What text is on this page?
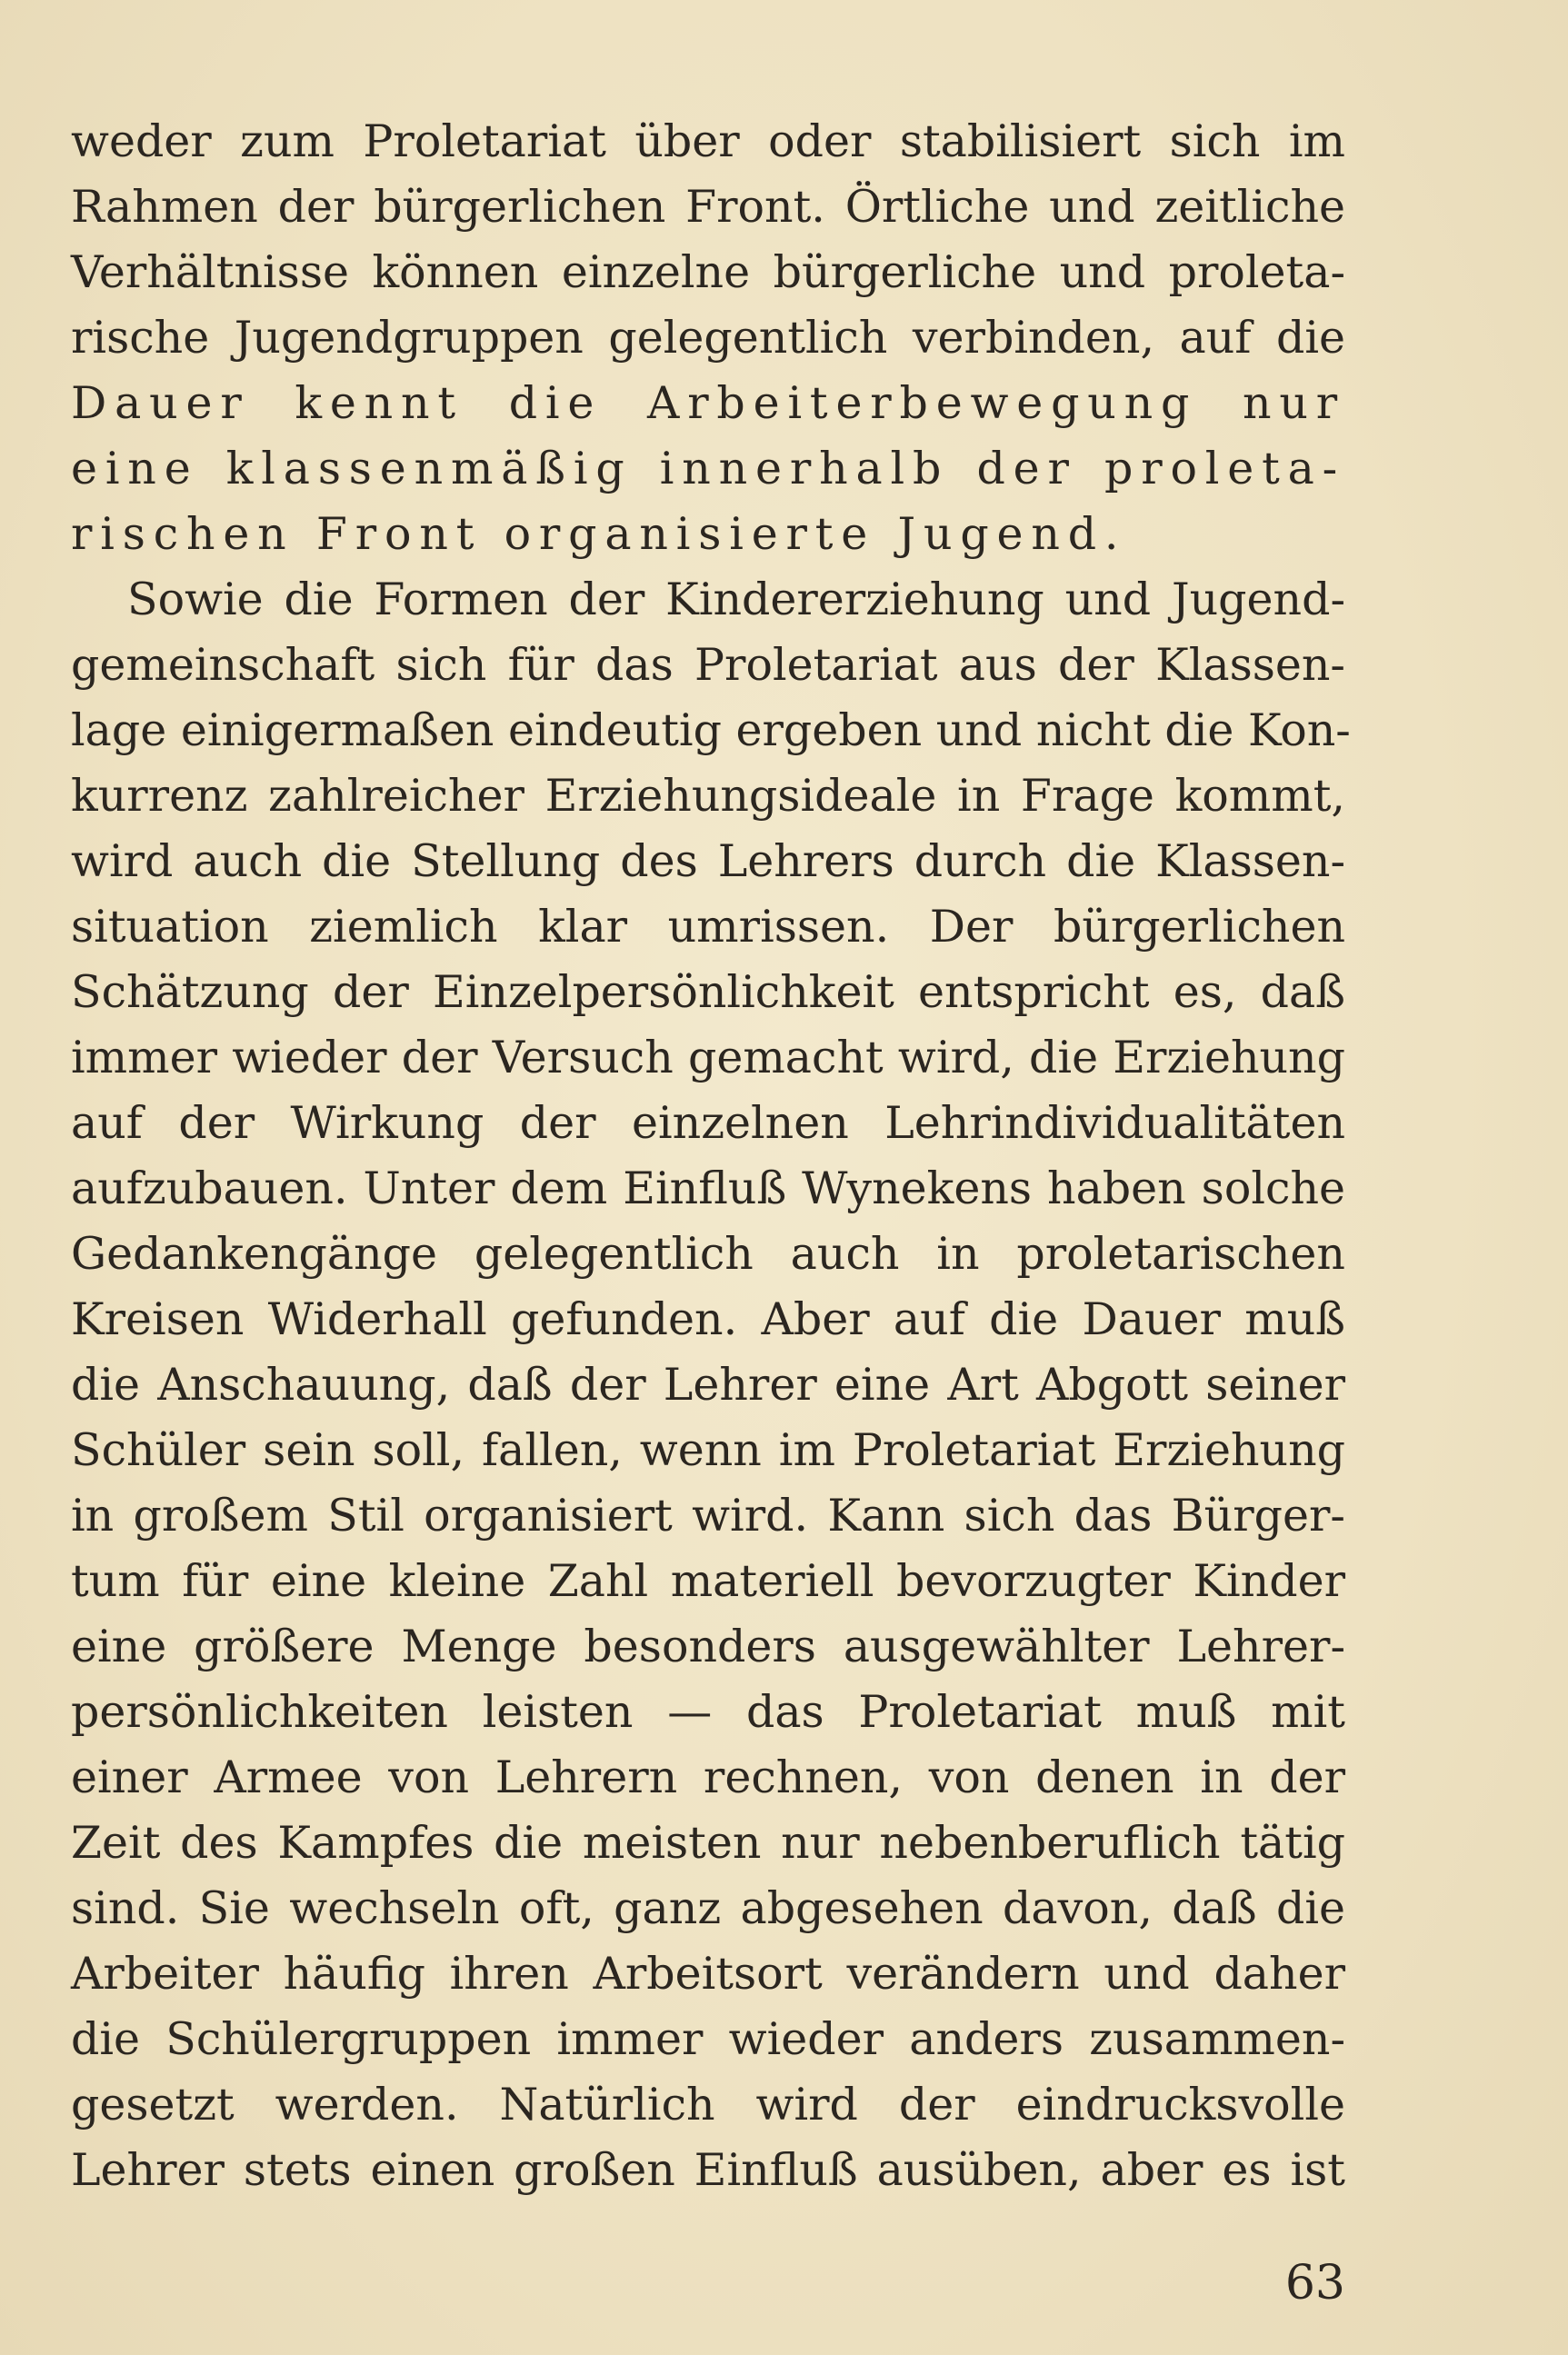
weder zum Proletariat über oder stabilisiert sich im
Rahmen der bürgerlichen Front. Örtliche und zeitliche
Verhältnisse können einzelne bürgerliche und proleta-
rische Jugendgruppen gelegentlich verbinden, auf die
Dauer kennt die Arbeiterbewegung nur
eine klassenmäßig innerhalb der proleta-
rischen Front organisierte Jugend.
Sowie die Formen der Kindererziehung und Jugend-
gemeinschaft sich für das Proletariat aus der Klassen-
lage einigermaßen eindeutig ergeben und nicht die Kon-
kurrenz zahlreicher Erziehungsideale in Frage kommt,
wird auch die Stellung des Lehrers durch die Klassen-
situation ziemlich klar umrissen. Der bürgerlichen
Schätzung der Einzelpersönlichkeit entspricht es, daß
immer wieder der Versuch gemacht wird, die Erziehung
auf der Wirkung der einzelnen Lehrindividualitäten
aufzubauen. Unter dem Einfluß Wynekens haben solche
Gedankengänge gelegentlich auch in proletarischen
Kreisen Widerhall gefunden. Aber auf die Dauer muß
die Anschauung, daß der Lehrer eine Art Abgott seiner
Schüler sein soll, fallen, wenn im Proletariat Erziehung
in großem Stil organisiert wird. Kann sich das Bürger-
tum für eine kleine Zahl materiell bevorzugter Kinder
eine größere Menge besonders ausgewählter Lehrer-
persönlichkeiten leisten — das Proletariat muß mit
einer Armee von Lehrern rechnen, von denen in der
Zeit des Kampfes die meisten nur nebenberuflich tätig
sind. Sie wechseln oft, ganz abgesehen davon, daß die
Arbeiter häufig ihren Arbeitsort verändern und daher
die Schülergruppen immer wieder anders zusammen-
gesetzt werden. Natürlich wird der eindrucksvolle
Lehrer stets einen großen Einfluß ausüben, aber es ist
63
